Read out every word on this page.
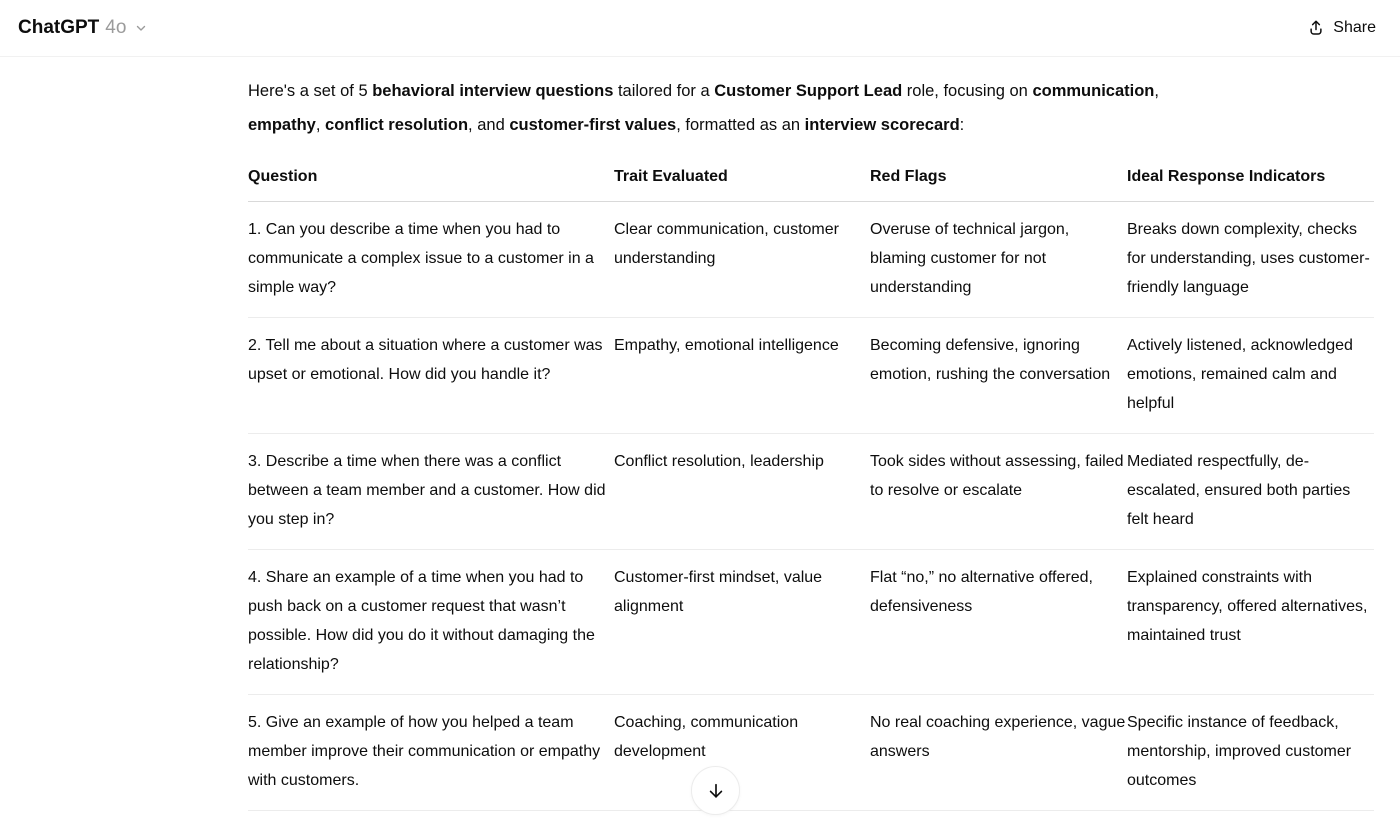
ChatGPT 4o	Share

Here's a set of 5 behavioral interview questions tailored for a Customer Support Lead role, focusing on communication, empathy, conflict resolution, and customer-first values, formatted as an interview scorecard:

Question	Trait Evaluated	Red Flags	Ideal Response Indicators
1. Can you describe a time when you had to communicate a complex issue to a customer in a simple way?	Clear communication, customer understanding	Overuse of technical jargon, blaming customer for not understanding	Breaks down complexity, checks for understanding, uses customer-friendly language
2. Tell me about a situation where a customer was upset or emotional. How did you handle it?	Empathy, emotional intelligence	Becoming defensive, ignoring emotion, rushing the conversation	Actively listened, acknowledged emotions, remained calm and helpful
3. Describe a time when there was a conflict between a team member and a customer. How did you step in?	Conflict resolution, leadership	Took sides without assessing, failed to resolve or escalate	Mediated respectfully, de-escalated, ensured both parties felt heard
4. Share an example of a time when you had to push back on a customer request that wasn’t possible. How did you do it without damaging the relationship?	Customer-first mindset, value alignment	Flat “no,” no alternative offered, defensiveness	Explained constraints with transparency, offered alternatives, maintained trust
5. Give an example of how you helped a team member improve their communication or empathy with customers.	Coaching, communication development	No real coaching experience, vague answers	Specific instance of feedback, mentorship, improved customer outcomes
